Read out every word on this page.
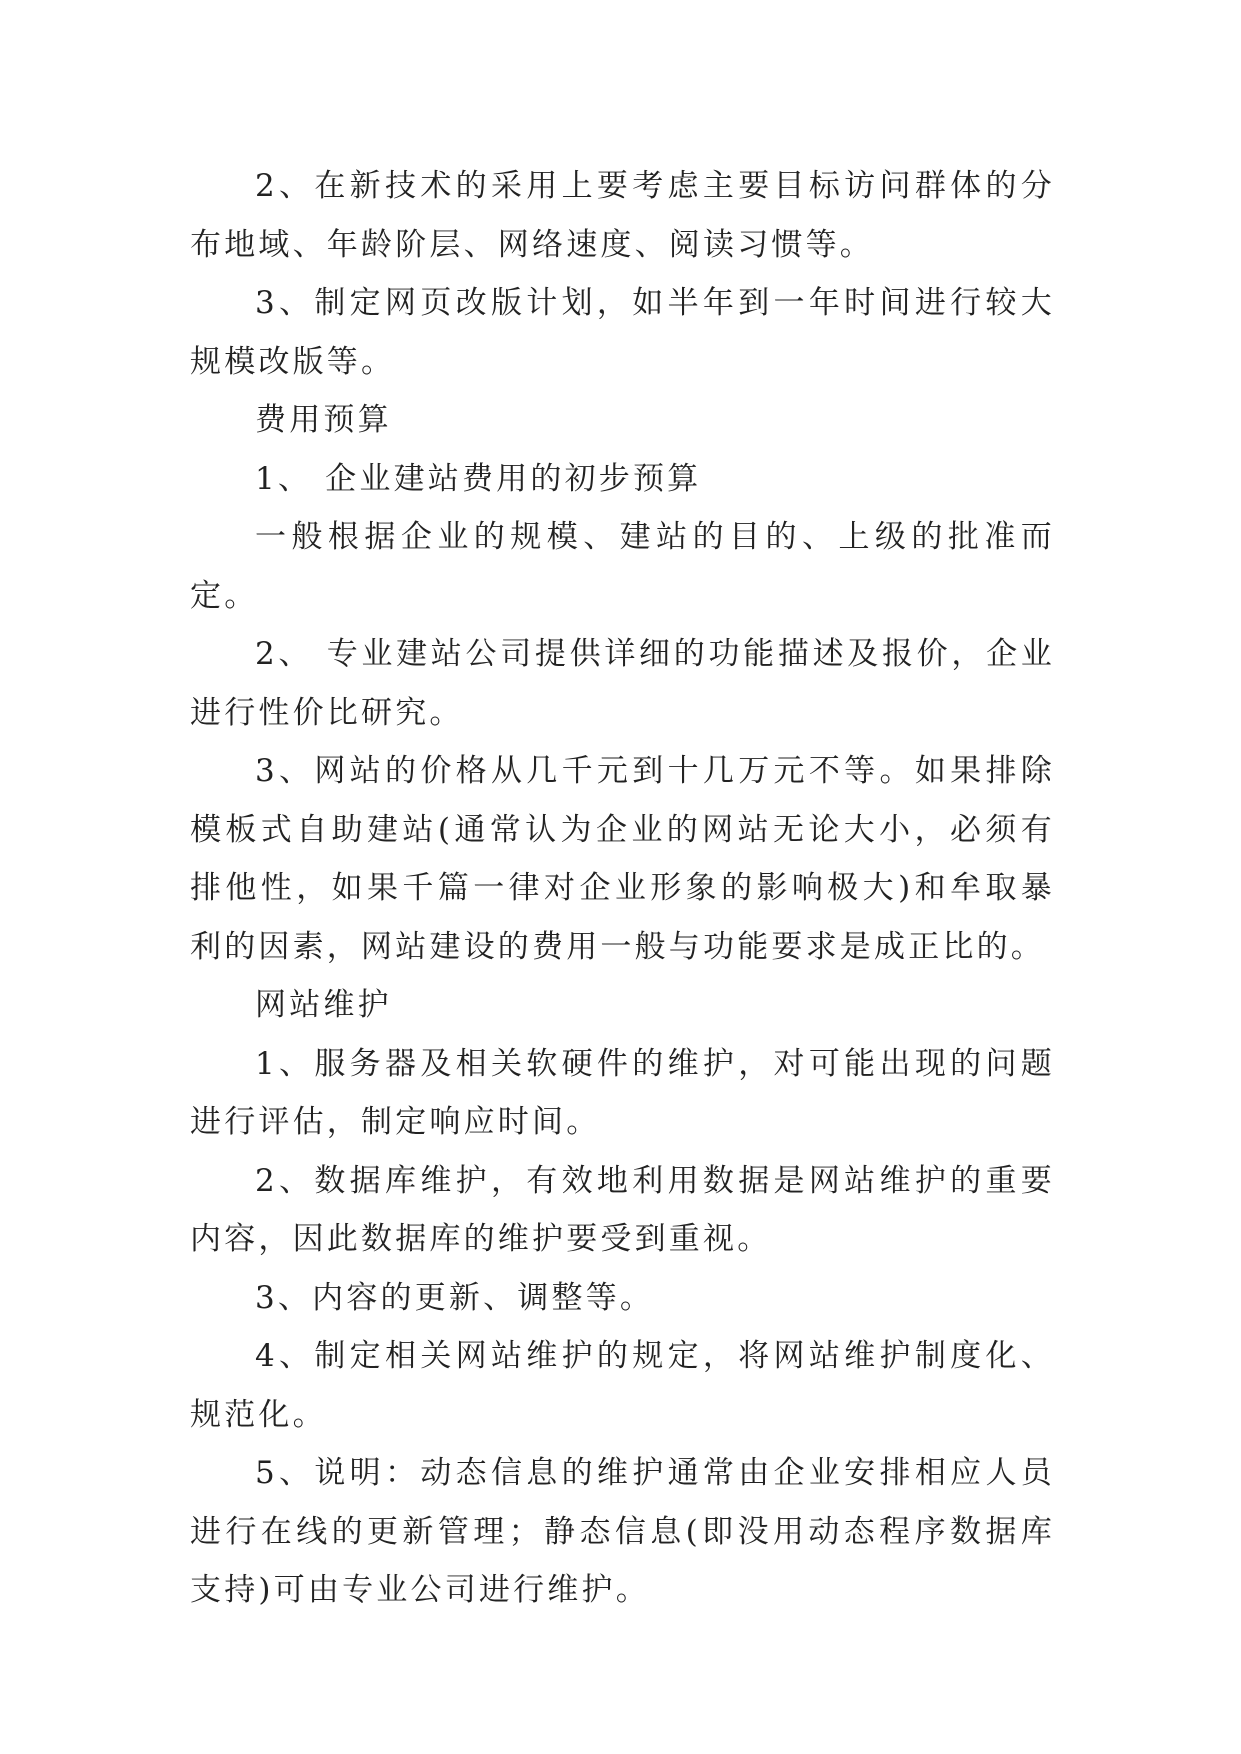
2、在新技术的采用上要考虑主要目标访问群体的分布地域、年龄阶层、网络速度、阅读习惯等。

3、制定网页改版计划，如半年到一年时间进行较大规模改版等。

费用预算

1、 企业建站费用的初步预算

一般根据企业的规模、建站的目的、上级的批准而定。

2、 专业建站公司提供详细的功能描述及报价，企业进行性价比研究。

3、网站的价格从几千元到十几万元不等。如果排除模板式自助建站(通常认为企业的网站无论大小，必须有排他性，如果千篇一律对企业形象的影响极大)和牟取暴利的因素，网站建设的费用一般与功能要求是成正比的。

网站维护

1、服务器及相关软硬件的维护，对可能出现的问题进行评估，制定响应时间。

2、数据库维护，有效地利用数据是网站维护的重要内容，因此数据库的维护要受到重视。

3、内容的更新、调整等。

4、制定相关网站维护的规定，将网站维护制度化、规范化。

5、说明：动态信息的维护通常由企业安排相应人员进行在线的更新管理；静态信息(即没用动态程序数据库支持)可由专业公司进行维护。
